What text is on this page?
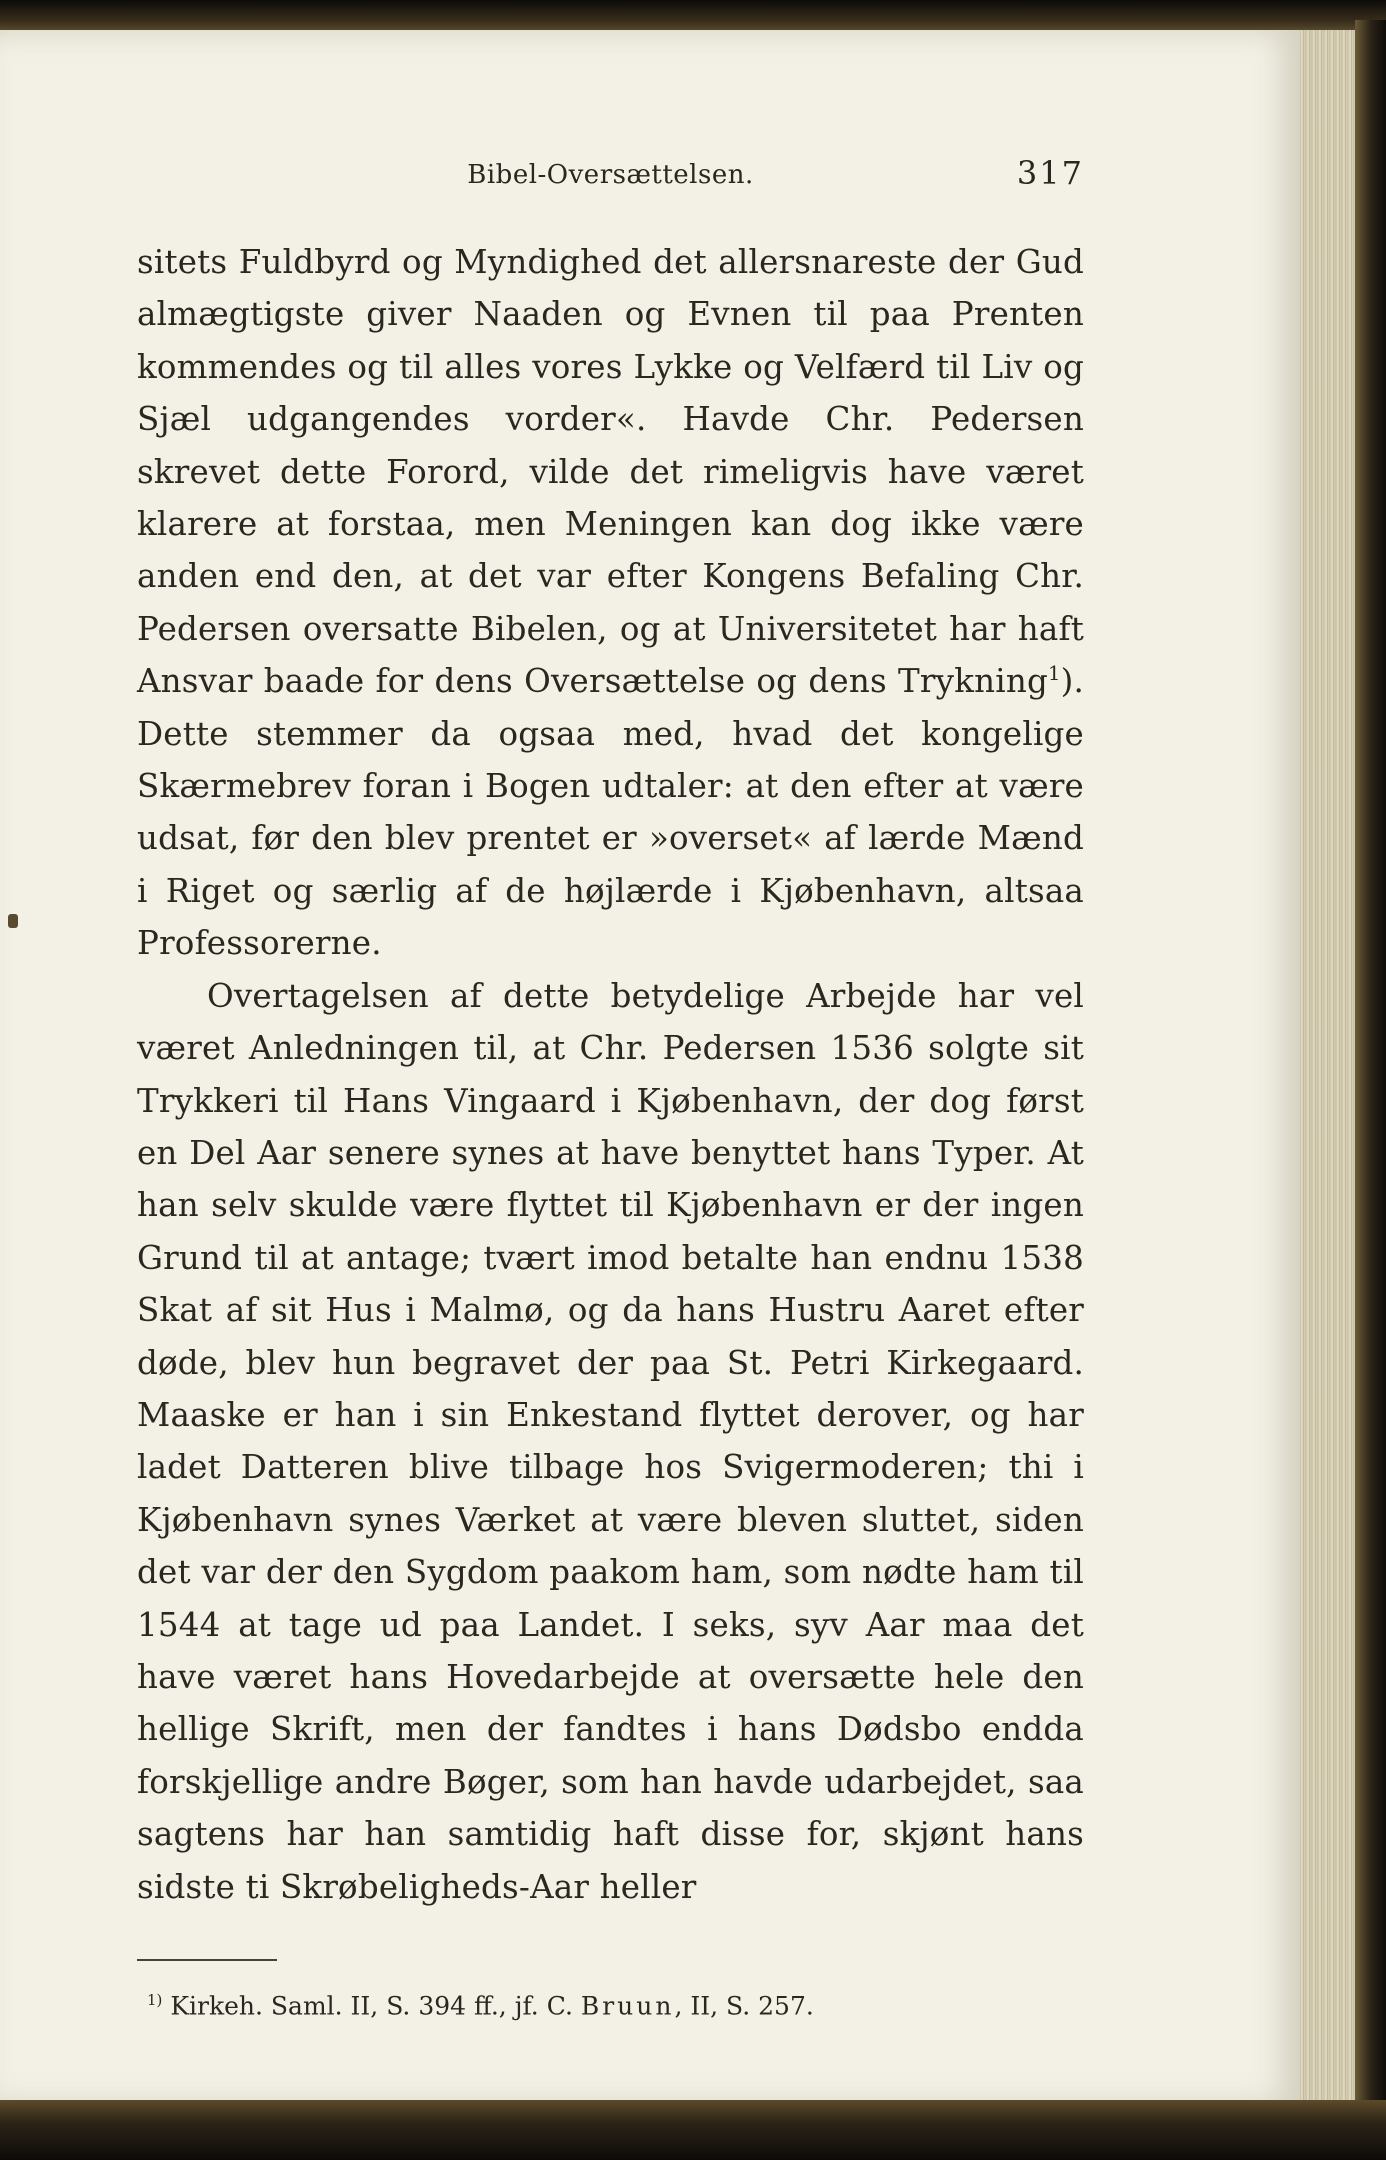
Bibel-Oversættelsen.	317

sitets Fuldbyrd og Myndighed det allersnareste der Gud almægtigste giver Naaden og Evnen til paa Prenten kommendes og til alles vores Lykke og Velfærd til Liv og Sjæl udgangendes vorder«. Havde Chr. Pedersen skrevet dette Forord, vilde det rimeligvis have været klarere at forstaa, men Meningen kan dog ikke være anden end den, at det var efter Kongens Befaling Chr. Pedersen oversatte Bibelen, og at Universitetet har haft Ansvar baade for dens Oversættelse og dens Trykning$^1$). Dette stemmer da ogsaa med, hvad det kongelige Skærmebrev foran i Bogen udtaler: at den efter at være udsat, før den blev prentet er »overset« af lærde Mænd i Riget og særlig af de højlærde i Kjøbenhavn, altsaa Professorerne.

Overtagelsen af dette betydelige Arbejde har vel været Anledningen til, at Chr. Pedersen 1536 solgte sit Trykkeri til Hans Vingaard i Kjøbenhavn, der dog først en Del Aar senere synes at have benyttet hans Typer. At han selv skulde være flyttet til Kjøbenhavn er der ingen Grund til at antage; tvært imod betalte han endnu 1538 Skat af sit Hus i Malmø, og da hans Hustru Aaret efter døde, blev hun begravet der paa St. Petri Kirkegaard. Maaske er han i sin Enkestand flyttet derover, og har ladet Datteren blive tilbage hos Svigermoderen; thi i Kjøbenhavn synes Værket at være bleven sluttet, siden det var der den Sygdom paakom ham, som nødte ham til 1544 at tage ud paa Landet. I seks, syv Aar maa det have været hans Hovedarbejde at oversætte hele den hellige Skrift, men der fandtes i hans Dødsbo endda forskjellige andre Bøger, som han havde udarbejdet, saa sagtens har han samtidig haft disse for, skjønt hans sidste ti Skrøbeligheds-Aar heller

$^{1)}$ Kirkeh. Saml. II, S. 394 ff., jf. C. Bruun, II, S. 257.
